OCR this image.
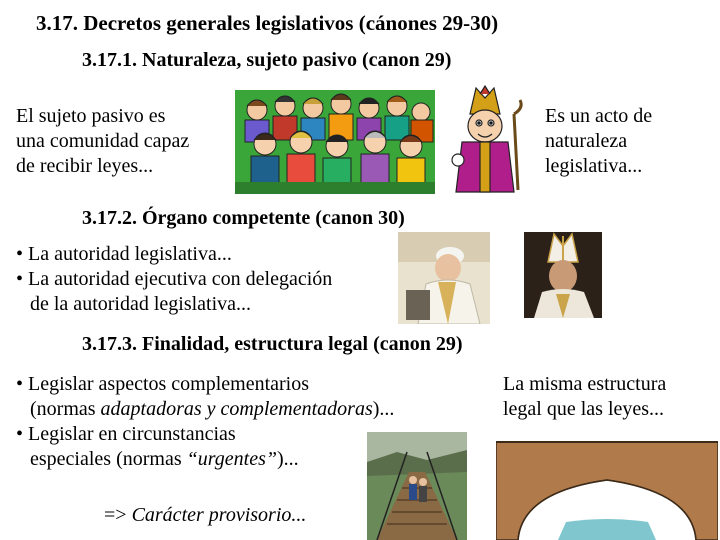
3.17. Decretos generales legislativos (cánones 29-30)
3.17.1. Naturaleza, sujeto pasivo (canon 29)
El sujeto pasivo es
una comunidad capaz
de recibir leyes...
Es un acto de
naturaleza
legislativa...
3.17.2. Órgano competente (canon 30)
• La autoridad legislativa...
• La autoridad ejecutiva con delegación
de la autoridad legislativa...
3.17.3. Finalidad, estructura legal (canon 29)
• Legislar aspectos complementarios
(normas adaptadoras y complementadoras)...
• Legislar en circunstancias
especiales (normas “urgentes”)...
=> Carácter provisorio...
La misma estructura
legal que las leyes...
